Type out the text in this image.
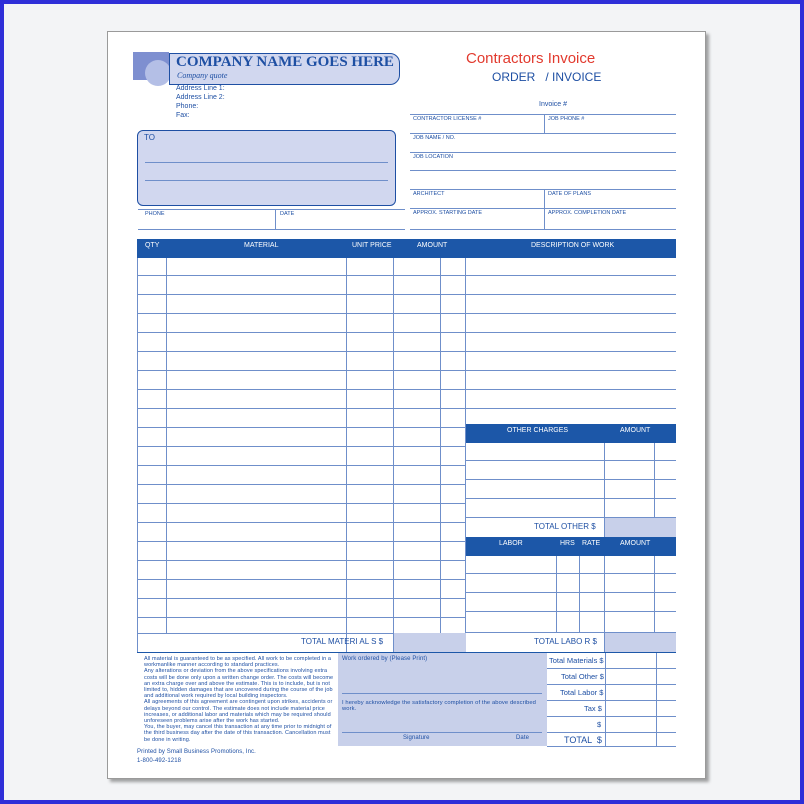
COMPANY NAME GOES HERE
Company quote
Address Line 1:
Address Line 2:
Phone:
Fax:
Contractors Invoice
ORDER   / INVOICE
Invoice #
TO
PHONE	DATE
CONTRACTOR LICENSE #	JOB PHONE #
JOB NAME / NO.
JOB LOCATION
ARCHITECT	DATE OF PLANS
APPROX. STARTING DATE	APPROX. COMPLETION DATE
QTY	MATERIAL	UNIT PRICE	AMOUNT	DESCRIPTION OF WORK
OTHER CHARGES	AMOUNT
TOTAL OTHER $
LABOR	HRS RATE	AMOUNT
TOTAL MATERI AL S $	TOTAL LABO R $
All material is guaranteed to be as specified. All work to be completed in a workmanlike manner according to standard practices.
Any alterations or deviation from the above specifications involving extra costs will be done only upon a written change order. The costs will become an extra charge over and above the estimate. This is to include, but is not limited to, hidden damages that are uncovered during the course of the job and additional work required by local building inspectors.
All agreements of this agreement are contingent upon strikes, accidents or delays beyond our control. The estimate does not include material price increases, or additional labor and materials which may be required should unforeseen problems arise after the work has started.
You, the buyer, may cancel this transaction at any time prior to midnight of the third business day after the date of this transaction. Cancellation must be done in writing.
Work ordered by (Please Print)
I hereby acknowledge the satisfactory completion of the above described work.
Signature	Date
Total Materials $
Total Other $
Total Labor $
Tax $
$
TOTAL  $
Printed by Small Business Promotions, Inc.
1-800-492-1218
